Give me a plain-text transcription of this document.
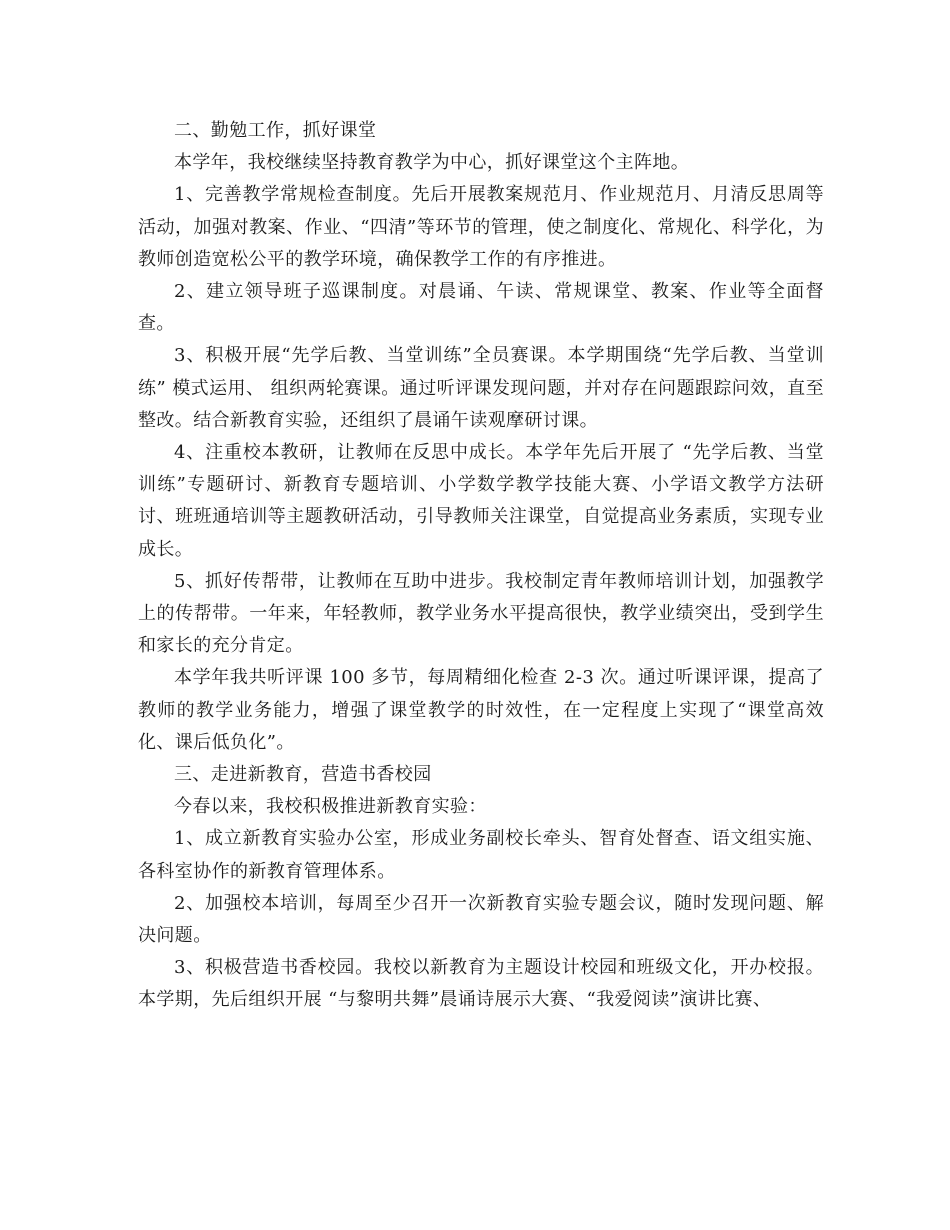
二、勤勉工作，抓好课堂

本学年，我校继续坚持教育教学为中心，抓好课堂这个主阵地。

1、完善教学常规检查制度。先后开展教案规范月、作业规范月、月清反思周等活动，加强对教案、作业、“四清”等环节的管理，使之制度化、常规化、科学化，为教师创造宽松公平的教学环境，确保教学工作的有序推进。

2、建立领导班子巡课制度。对晨诵、午读、常规课堂、教案、作业等全面督查。

3、积极开展“先学后教、当堂训练”全员赛课。本学期围绕“先学后教、当堂训练” 模式运用、 组织两轮赛课。通过听评课发现问题，并对存在问题跟踪问效，直至整改。结合新教育实验，还组织了晨诵午读观摩研讨课。

4、注重校本教研，让教师在反思中成长。本学年先后开展了 “先学后教、当堂训练”专题研讨、新教育专题培训、小学数学教学技能大赛、小学语文教学方法研讨、班班通培训等主题教研活动，引导教师关注课堂，自觉提高业务素质，实现专业成长。

5、抓好传帮带，让教师在互助中进步。我校制定青年教师培训计划，加强教学上的传帮带。一年来，年轻教师，教学业务水平提高很快，教学业绩突出，受到学生和家长的充分肯定。

本学年我共听评课 100 多节，每周精细化检查 2-3 次。通过听课评课，提高了教师的教学业务能力，增强了课堂教学的时效性，在一定程度上实现了“课堂高效化、课后低负化”。

三、走进新教育，营造书香校园

今春以来，我校积极推进新教育实验：

1、成立新教育实验办公室，形成业务副校长牵头、智育处督查、语文组实施、各科室协作的新教育管理体系。

2、加强校本培训，每周至少召开一次新教育实验专题会议，随时发现问题、解决问题。

3、积极营造书香校园。我校以新教育为主题设计校园和班级文化，开办校报。本学期，先后组织开展 “与黎明共舞”晨诵诗展示大赛、“我爱阅读”演讲比赛、
